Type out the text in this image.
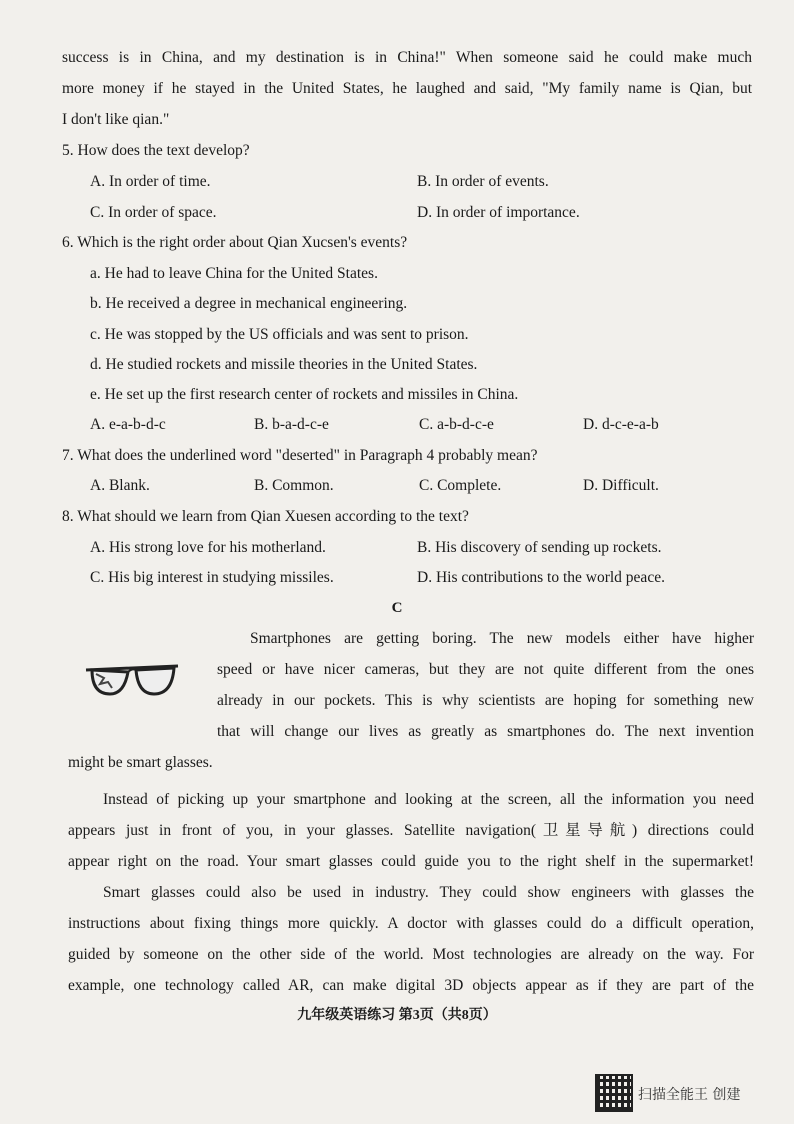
success is in China, and my destination is in China!" When someone said he could make much
more money if he stayed in the United States, he laughed and said, "My family name is Qian, but
I don't like qian."
5. How does the text develop?
A. In order of time.	B. In order of events.
C. In order of space.	D. In order of importance.
6. Which is the right order about Qian Xucsen's events?
a. He had to leave China for the United States.
b. He received a degree in mechanical engineering.
c. He was stopped by the US officials and was sent to prison.
d. He studied rockets and missile theories in the United States.
e. He set up the first research center of rockets and missiles in China.
A. e-a-b-d-c	B. b-a-d-c-e	C. a-b-d-c-e	D. d-c-e-a-b
7. What does the underlined word "deserted" in Paragraph 4 probably mean?
A. Blank.	B. Common.	C. Complete.	D. Difficult.
8. What should we learn from Qian Xuesen according to the text?
A. His strong love for his motherland.	B. His discovery of sending up rockets.
C. His big interest in studying missiles.	D. His contributions to the world peace.
C
Smartphones are getting boring. The new models either have higher
speed or have nicer cameras, but they are not quite different from the ones
already in our pockets. This is why scientists are hoping for something new
that will change our lives as greatly as smartphones do. The next invention
might be smart glasses.
Instead of picking up your smartphone and looking at the screen, all the information you need
appears just in front of you, in your glasses. Satellite navigation(卫星导航) directions could
appear right on the road. Your smart glasses could guide you to the right shelf in the supermarket!
Smart glasses could also be used in industry. They could show engineers with glasses the
instructions about fixing things more quickly. A doctor with glasses could do a difficult operation,
guided by someone on the other side of the world. Most technologies are already on the way. For
example, one technology called AR, can make digital 3D objects appear as if they are part of the
九年级英语练习 第3页（共8页）
扫描全能王 创建
